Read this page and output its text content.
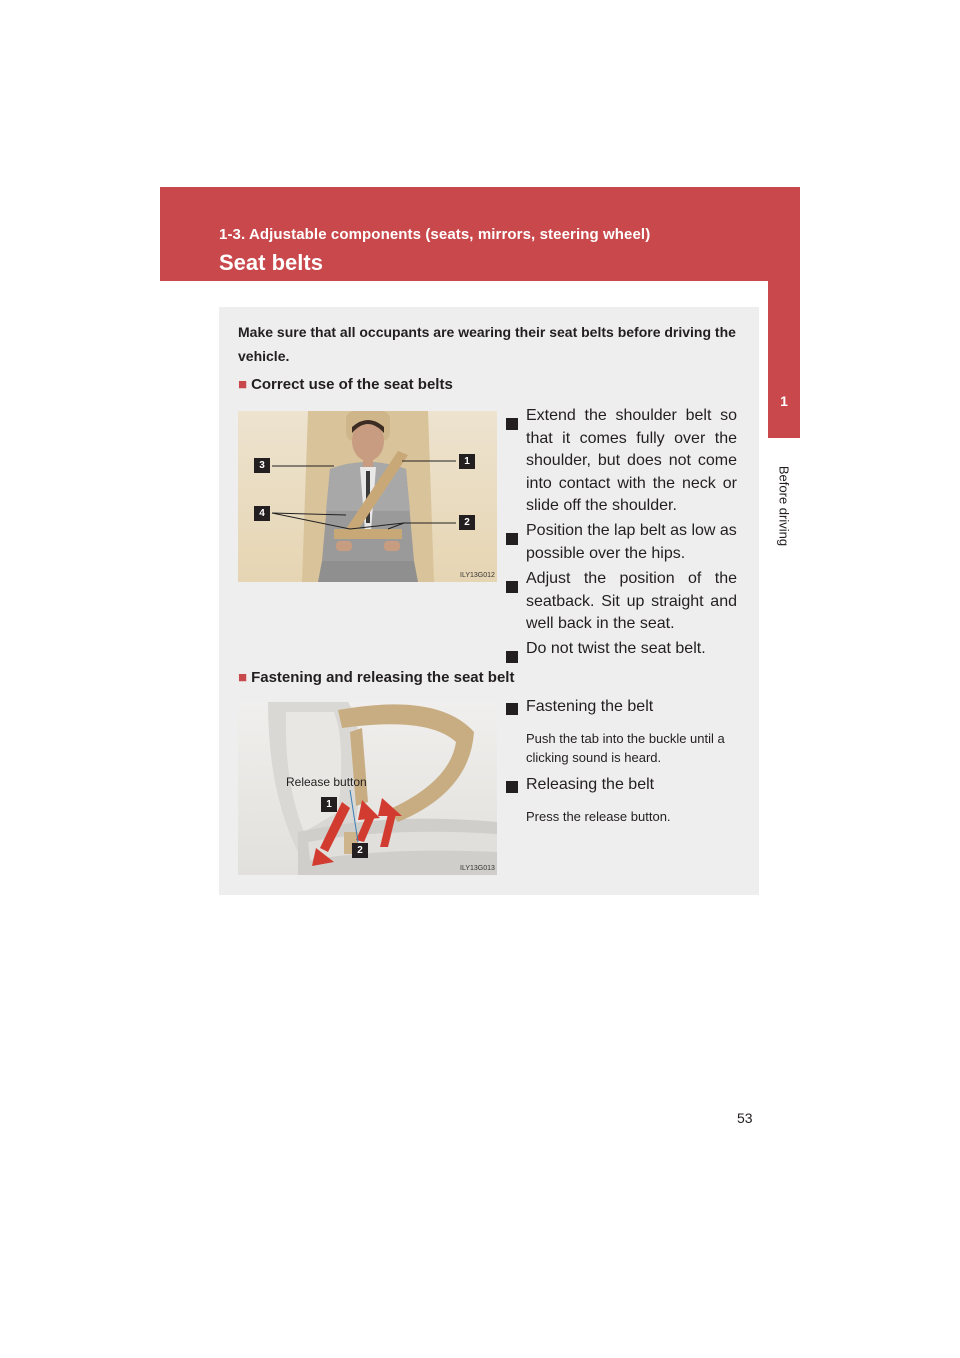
1-3. Adjustable components (seats, mirrors, steering wheel)
Seat belts
1
Before driving
Make sure that all occupants are wearing their seat belts before driving the vehicle.
■ Correct use of the seat belts
3
4
1
2
ILY13G012
Extend the shoulder belt so that it comes fully over the shoulder, but does not come into contact with the neck or slide off the shoulder.
Position the lap belt as low as possible over the hips.
Adjust the position of the seatback. Sit up straight and well back in the seat.
Do not twist the seat belt.
■ Fastening and releasing the seat belt
Release button
1
2
ILY13G013
Fastening the belt
Push the tab into the buckle until a clicking sound is heard.
Releasing the belt
Press the release button.
53
